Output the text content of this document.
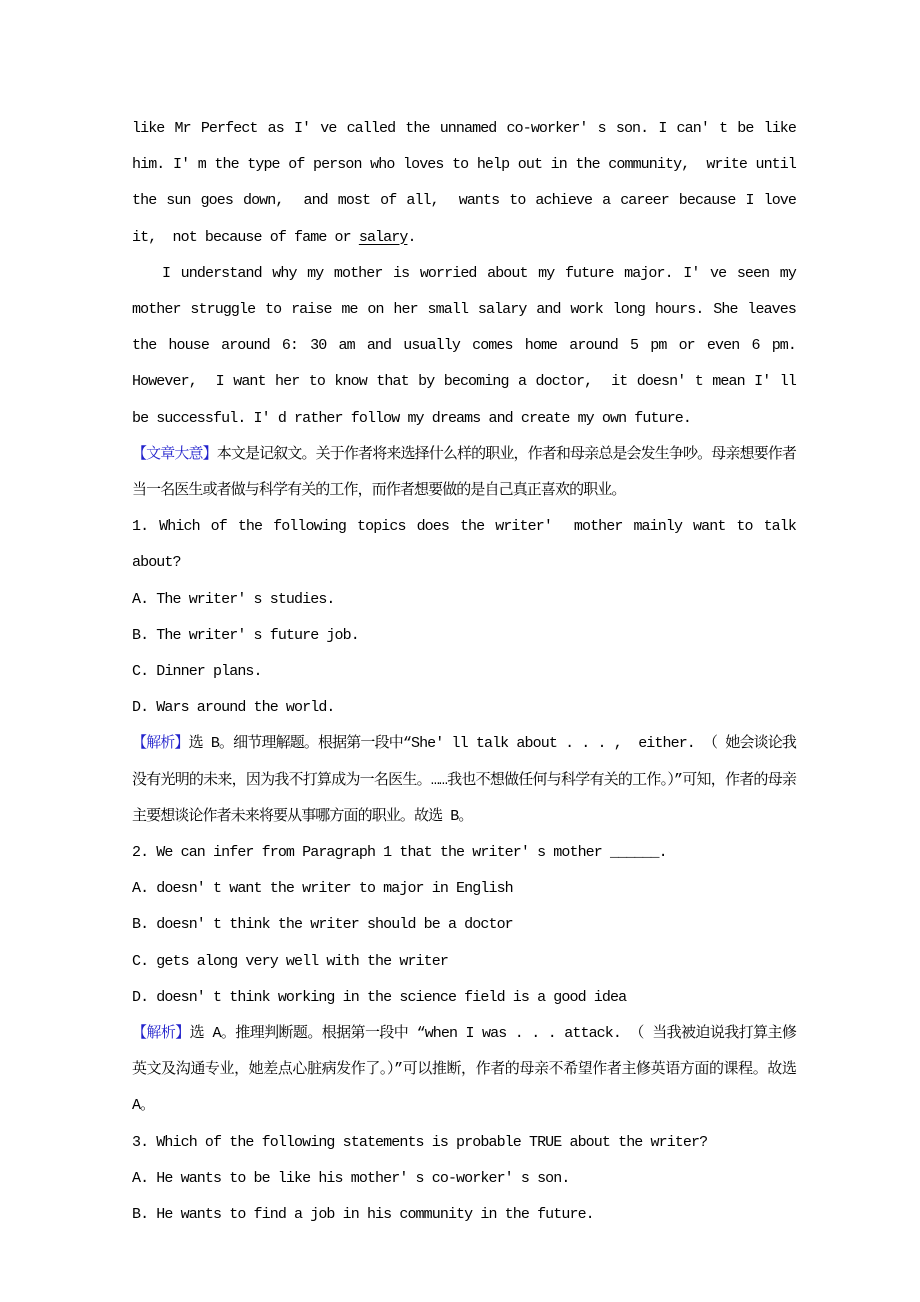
like Mr Perfect as I' ve called the unnamed co-worker' s son. I can' t be like him. I' m the type of person who loves to help out in the community,  write until the sun goes down,  and most of all,  wants to achieve a career because I love it,  not because of fame or salary.
I understand why my mother is worried about my future major. I' ve seen my mother struggle to raise me on her small salary and work long hours. She leaves the house around 6: 30 am and usually comes home around 5 pm or even 6 pm. However,  I want her to know that by becoming a doctor,  it doesn' t mean I' ll be successful. I' d rather follow my dreams and create my own future.
【文章大意】本文是记叙文。关于作者将来选择什么样的职业，作者和母亲总是会发生争吵。母亲想要作者当一名医生或者做与科学有关的工作，而作者想要做的是自己真正喜欢的职业。
1. Which of the following topics does the writer'  mother mainly want to talk about?
A. The writer' s studies.
B. The writer' s future job.
C. Dinner plans.
D. Wars around the world.
【解析】选 B。细节理解题。根据第一段中“She' ll talk about . . . ,  either. （ 她会谈论我没有光明的未来，因为我不打算成为一名医生。……我也不想做任何与科学有关的工作。）”可知，作者的母亲主要想谈论作者未来将要从事哪方面的职业。故选 B。
2. We can infer from Paragraph 1 that the writer' s mother ______.
A. doesn' t want the writer to major in English
B. doesn' t think the writer should be a doctor
C. gets along very well with the writer
D. doesn' t think working in the science field is a good idea
【解析】选 A。推理判断题。根据第一段中 “when I was . . . attack. （ 当我被迫说我打算主修英文及沟通专业，她差点心脏病发作了。）”可以推断，作者的母亲不希望作者主修英语方面的课程。故选 A。
3. Which of the following statements is probable TRUE about the writer?
A. He wants to be like his mother' s co-worker' s son.
B. He wants to find a job in his community in the future.
